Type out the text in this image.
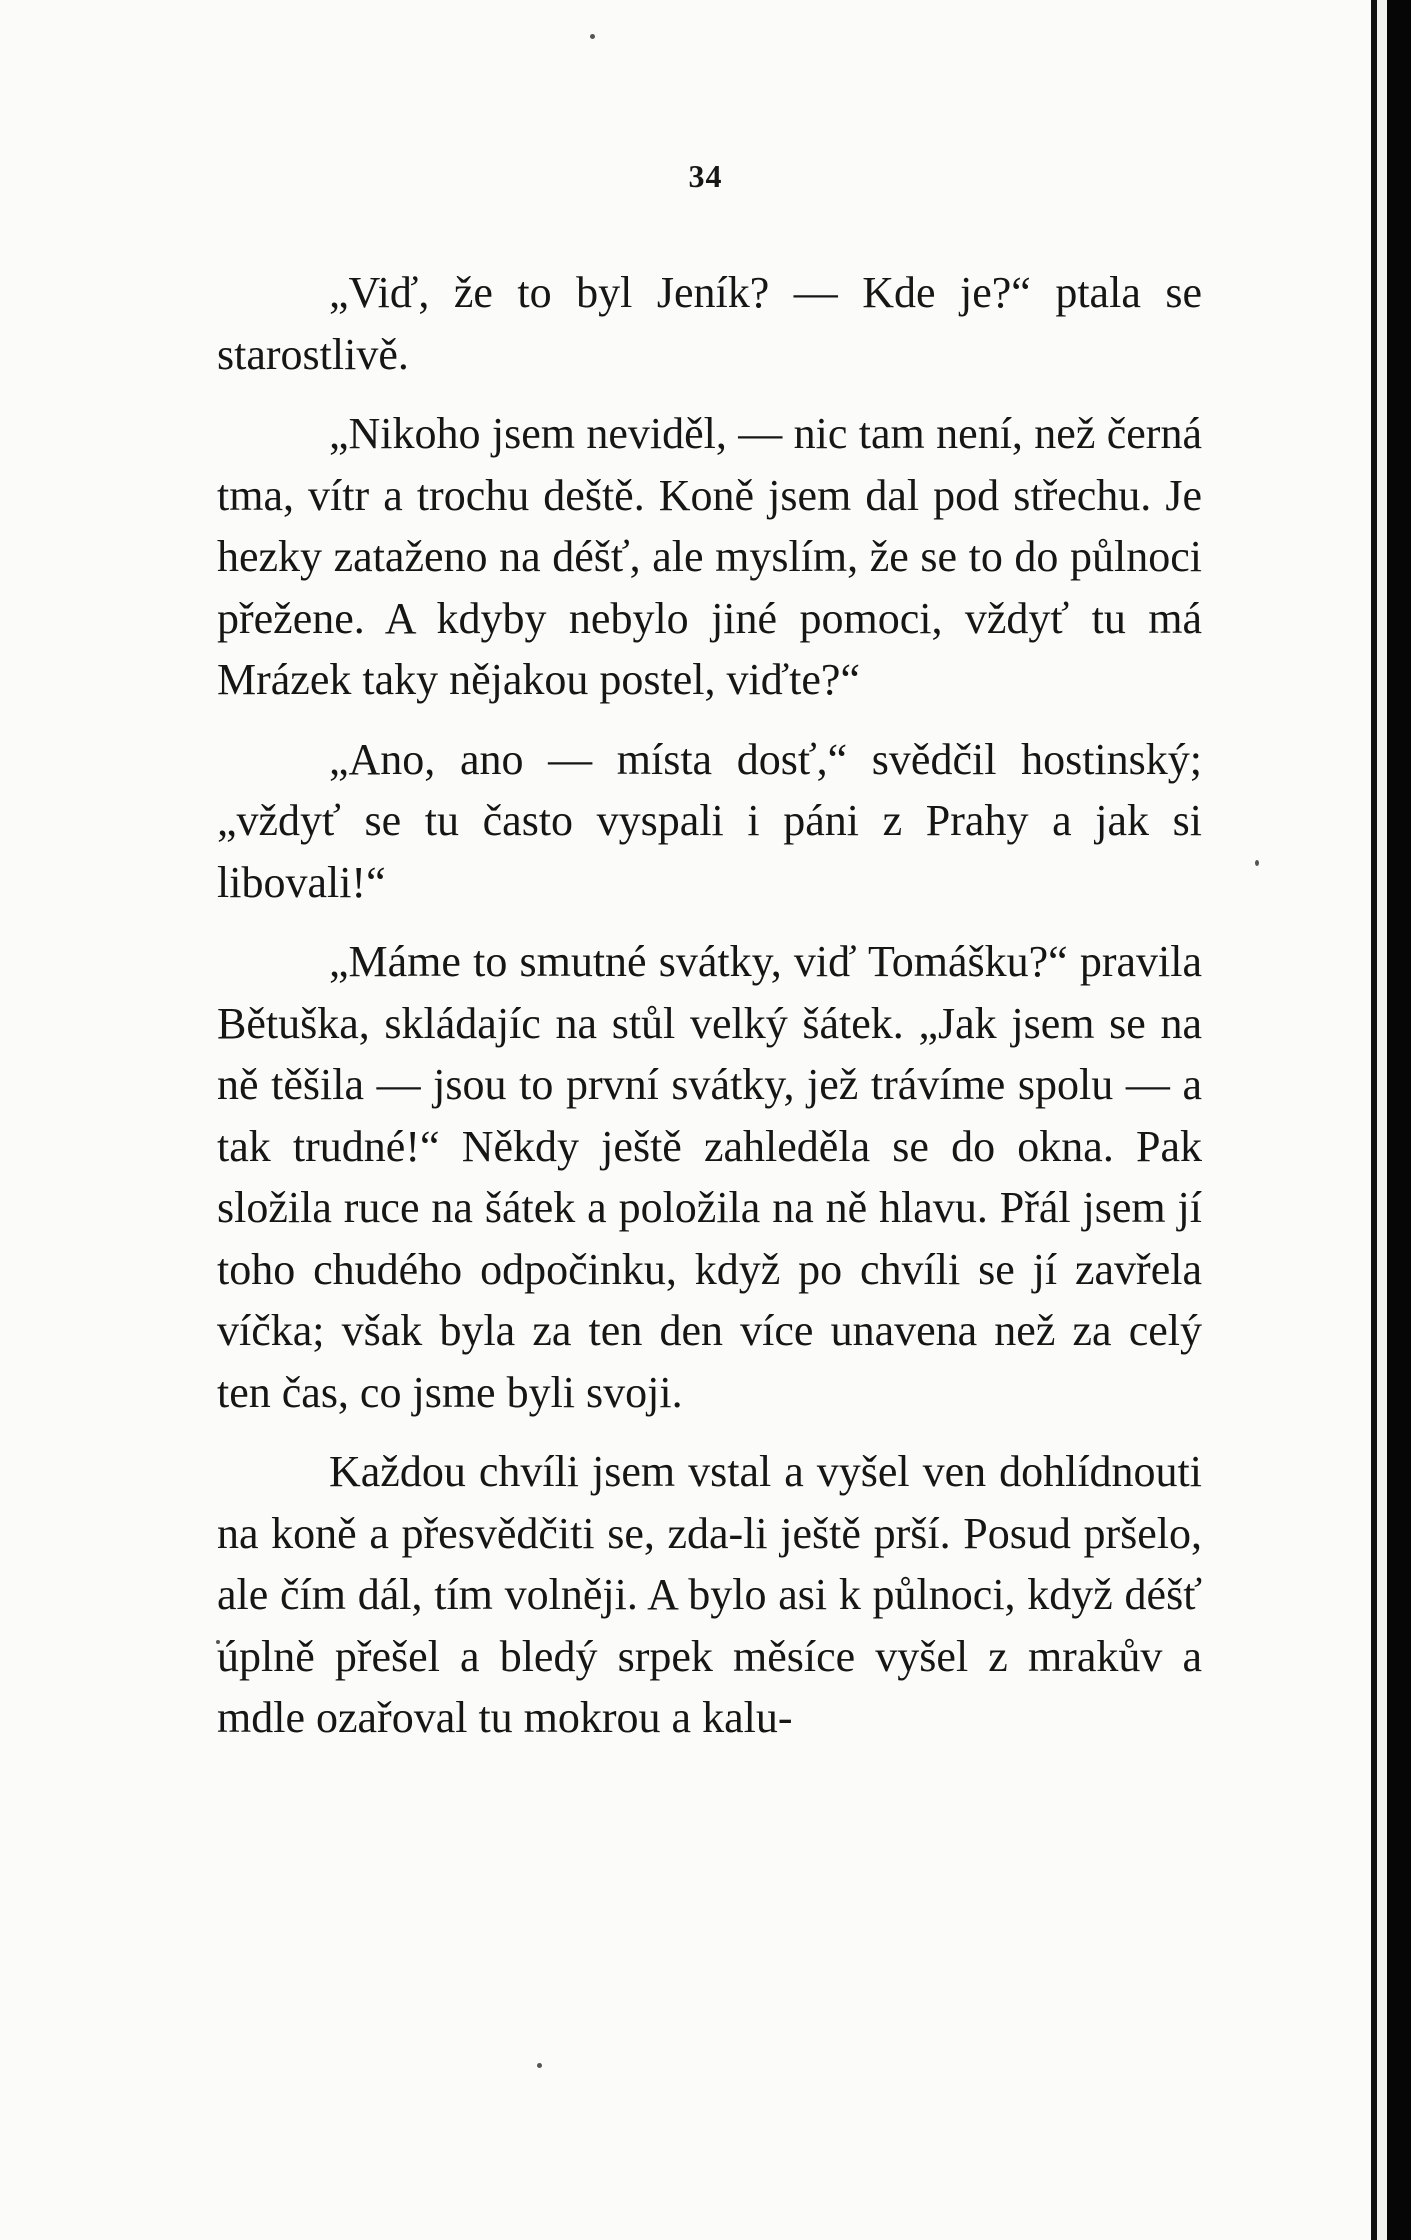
34

„Viď, že to byl Jeník? — Kde je?“ ptala se starostlivě.

„Nikoho jsem neviděl, — nic tam není, než černá tma, vítr a trochu deště. Koně jsem dal pod střechu. Je hezky zataženo na déšť, ale myslím, že se to do půlnoci přežene. A kdyby nebylo jiné pomoci, vždyť tu má Mrázek taky nějakou postel, viďte?“

„Ano, ano — místa dosť,“ svědčil hostinský; „vždyť se tu často vyspali i páni z Prahy a jak si libovali!“

„Máme to smutné svátky, viď Tomášku?“ pravila Bětuška, skládajíc na stůl velký šátek. „Jak jsem se na ně těšila — jsou to první svátky, jež trávíme spolu — a tak trudné!“ Někdy ještě zahleděla se do okna. Pak složila ruce na šátek a položila na ně hlavu. Přál jsem jí toho chudého odpočinku, když po chvíli se jí zavřela víčka; však byla za ten den více unavena než za celý ten čas, co jsme byli svoji.

Každou chvíli jsem vstal a vyšel ven dohlídnouti na koně a přesvědčiti se, zda-li ještě prší. Posud pršelo, ale čím dál, tím volněji. A bylo asi k půlnoci, když déšť úplně přešel a bledý srpek měsíce vyšel z mrakův a mdle ozařoval tu mokrou a kalu-
